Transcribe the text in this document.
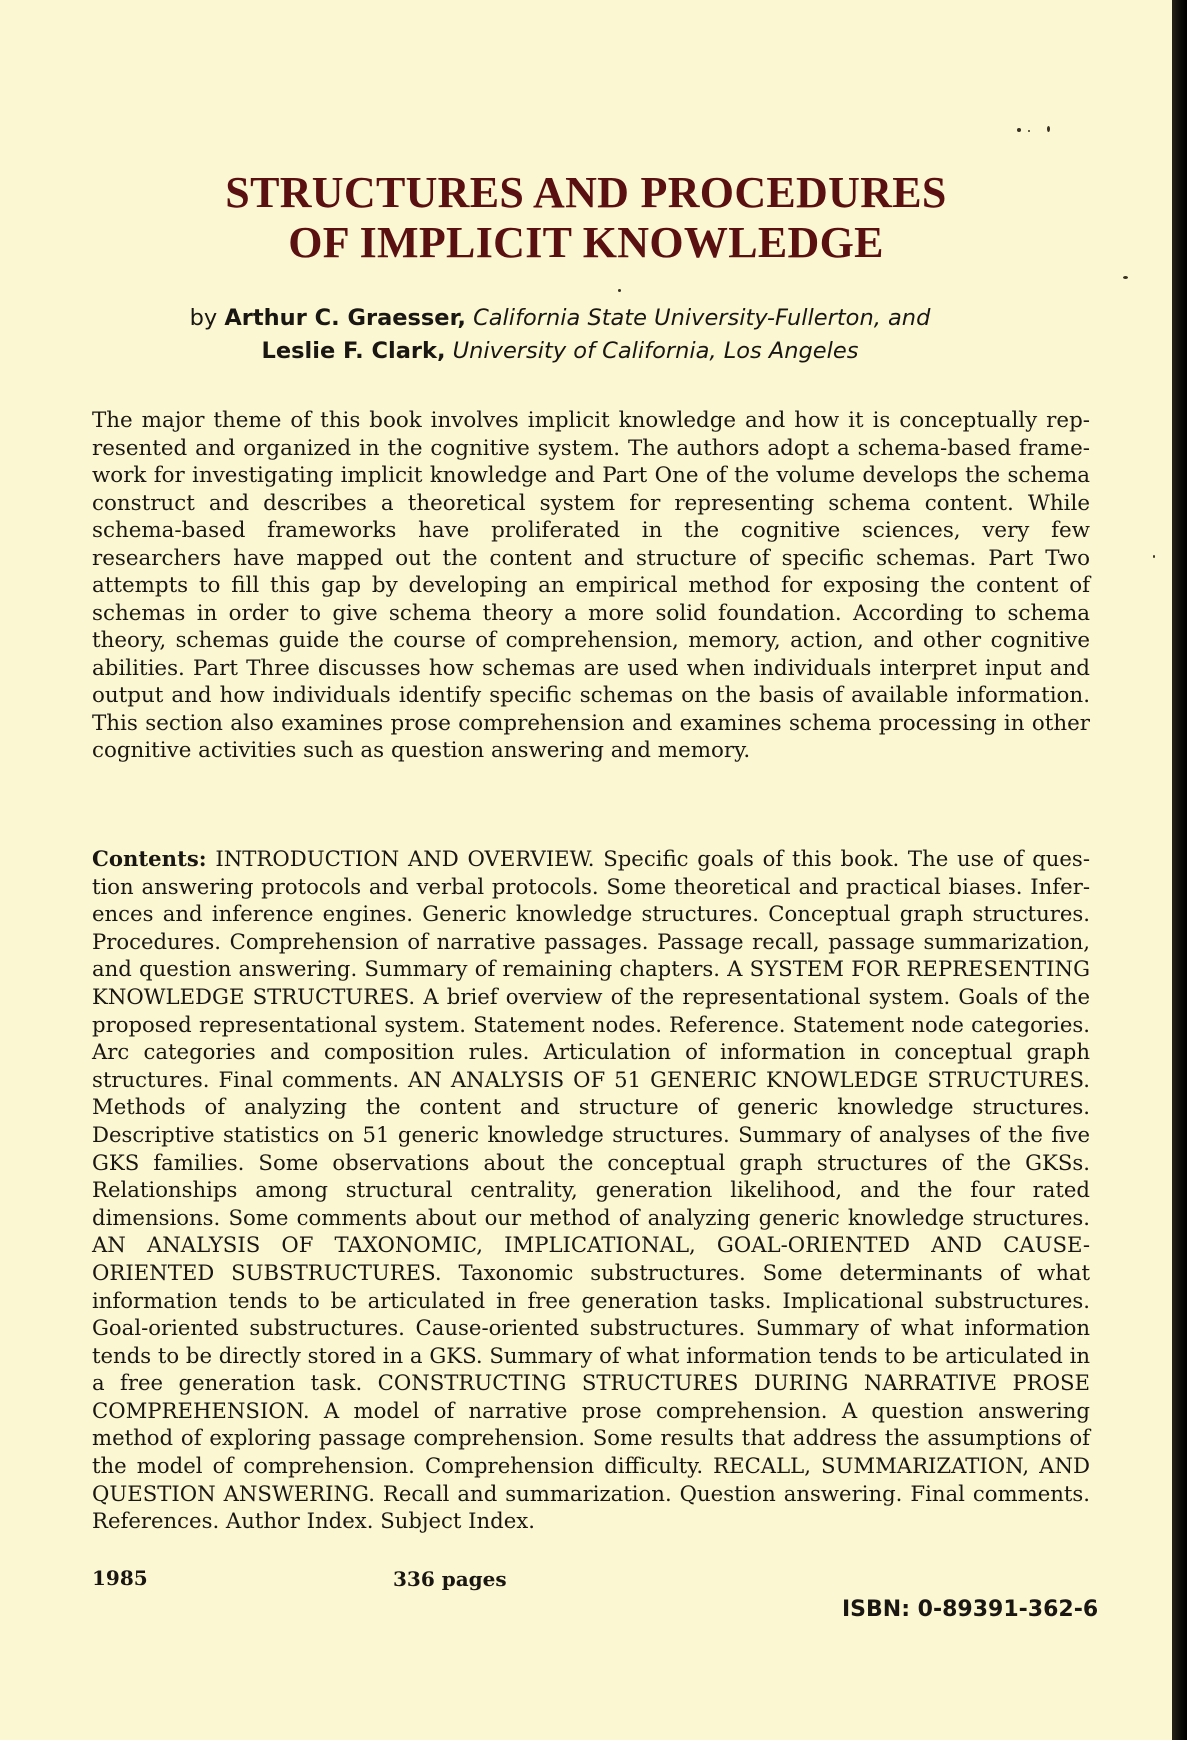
STRUCTURES AND PROCEDURES
OF IMPLICIT KNOWLEDGE
by Arthur C. Graesser, California State University-Fullerton, and
Leslie F. Clark, University of California, Los Angeles
The major theme of this book involves implicit knowledge and how it is conceptually represented and organized in the cognitive system. The authors adopt a schema-based framework for investigating implicit knowledge and Part One of the volume develops the schema construct and describes a theoretical system for representing schema content. While schema-based frameworks have proliferated in the cognitive sciences, very few researchers have mapped out the content and structure of specific schemas. Part Two attempts to fill this gap by developing an empirical method for exposing the content of schemas in order to give schema theory a more solid foundation. According to schema theory, schemas guide the course of comprehension, memory, action, and other cognitive abilities. Part Three discusses how schemas are used when individuals interpret input and output and how individuals identify specific schemas on the basis of available information. This section also examines prose comprehension and examines schema processing in other cognitive activities such as question answering and memory.
Contents: INTRODUCTION AND OVERVIEW. Specific goals of this book. The use of question answering protocols and verbal protocols. Some theoretical and practical biases. Inferences and inference engines. Generic knowledge structures. Conceptual graph structures. Procedures. Comprehension of narrative passages. Passage recall, passage summarization, and question answering. Summary of remaining chapters. A SYSTEM FOR REPRESENTING KNOWLEDGE STRUCTURES. A brief overview of the representational system. Goals of the proposed representational system. Statement nodes. Reference. Statement node categories. Arc categories and composition rules. Articulation of information in conceptual graph structures. Final comments. AN ANALYSIS OF 51 GENERIC KNOWLEDGE STRUCTURES. Methods of analyzing the content and structure of generic knowledge structures. Descriptive statistics on 51 generic knowledge structures. Summary of analyses of the five GKS families. Some observations about the conceptual graph structures of the GKSs. Relationships among structural centrality, generation likelihood, and the four rated dimensions. Some comments about our method of analyzing generic knowledge structures. AN ANALYSIS OF TAXONOMIC, IMPLICATIONAL, GOAL-ORIENTED AND CAUSE-ORIENTED SUBSTRUCTURES. Taxonomic substructures. Some determinants of what information tends to be articulated in free generation tasks. Implicational substructures. Goal-oriented substructures. Cause-oriented substructures. Summary of what information tends to be directly stored in a GKS. Summary of what information tends to be articulated in a free generation task. CONSTRUCTING STRUCTURES DURING NARRATIVE PROSE COMPREHENSION. A model of narrative prose comprehension. A question answering method of exploring passage comprehension. Some results that address the assumptions of the model of comprehension. Comprehension difficulty. RECALL, SUMMARIZATION, AND QUESTION ANSWERING. Recall and summarization. Question answering. Final comments. References. Author Index. Subject Index.
1985	336 pages
ISBN: 0-89391-362-6
